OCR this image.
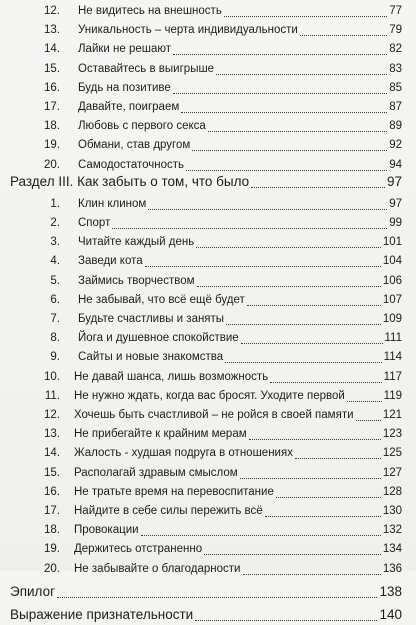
12. Не видитесь на внешность	77
13. Уникальность – черта индивидуальности	79
14. Лайки не решают	82
15. Оставайтесь в выигрыше	83
16. Будь на позитиве	85
17. Давайте, поиграем	87
18. Любовь с первого секса	89
19. Обмани, став другом	92
20. Самодостаточность	94
Раздел III. Как забыть о том, что было	97
1. Клин клином	97
2. Спорт	99
3. Читайте каждый день	101
4. Заведи кота	104
5. Займись творчеством	106
6. Не забывай, что всё ещё будет	107
7. Будьте счастливы и заняты	109
8. Йога и душевное спокойствие	111
9. Сайты и новые знакомства	114
10. Не давай шанса, лишь возможность	117
11. Не нужно ждать, когда вас бросят. Уходите первой	119
12. Хочешь быть счастливой – не ройся в своей памяти	121
13. Не прибегайте к крайним мерам	123
14. Жалость - худшая подруга в отношениях	125
15. Располагай здравым смыслом	127
16. Не тратьте время на перевоспитание	128
17. Найдите в себе силы пережить всё	130
18. Провокации	132
19. Держитесь отстраненно	134
20. Не забывайте о благодарности	136
Эпилог	138
Выражение признательности	140
